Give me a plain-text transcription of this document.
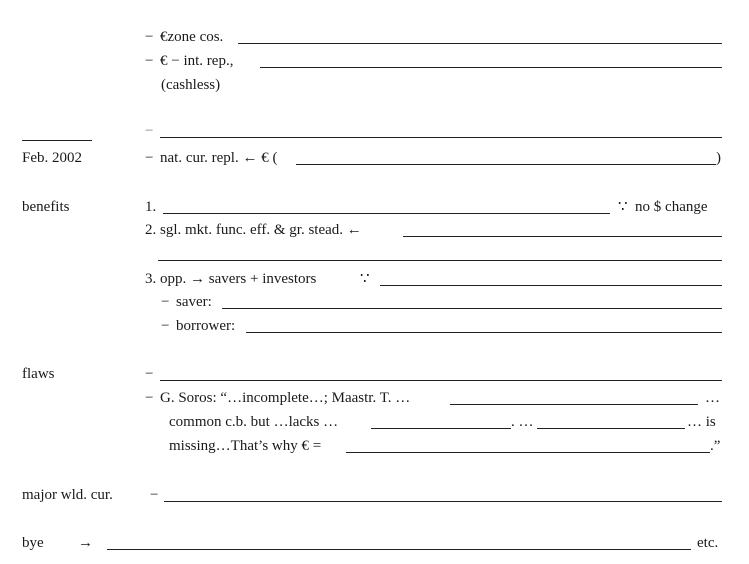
− €zone cos.
− € − int. rep.,
(cashless)
−
Feb. 2002	− nat. cur. repl. ← € (	)
benefits	1.	∵  no $ change
2. sgl. mkt. func. eff. & gr. stead. ←
3. opp. → savers + investors	∵
− saver:
− borrower:
flaws	−
− G. Soros: “…incomplete…; Maastr. T. …	…
common c.b. but …lacks …	. …	… is
missing…That’s why € =	.”
major wld. cur. −
bye →	etc.
